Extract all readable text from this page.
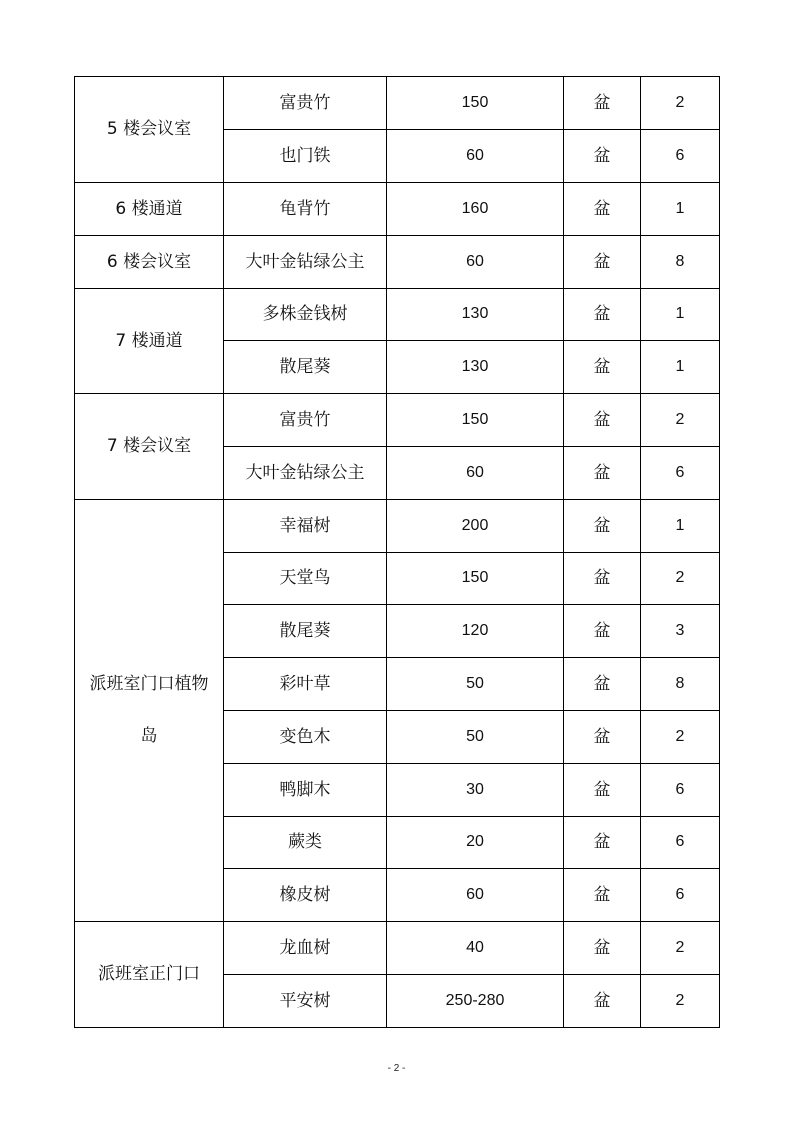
5 楼会议室	富贵竹	150	盆	2
	也门铁	60	盆	6

6 楼通道	龟背竹	160	盆	1

6 楼会议室	大叶金钻绿公主	60	盆	8

7 楼通道	多株金钱树	130	盆	1
	散尾葵	130	盆	1

7 楼会议室	富贵竹	150	盆	2
	大叶金钻绿公主	60	盆	6

派班室门口植物岛	幸福树	200	盆	1
	天堂鸟	150	盆	2
	散尾葵	120	盆	3
	彩叶草	50	盆	8
	变色木	50	盆	2
	鸭脚木	30	盆	6
	蕨类	20	盆	6
	橡皮树	60	盆	6

派班室正门口	龙血树	40	盆	2
	平安树	250-280	盆	2
- 2 -
